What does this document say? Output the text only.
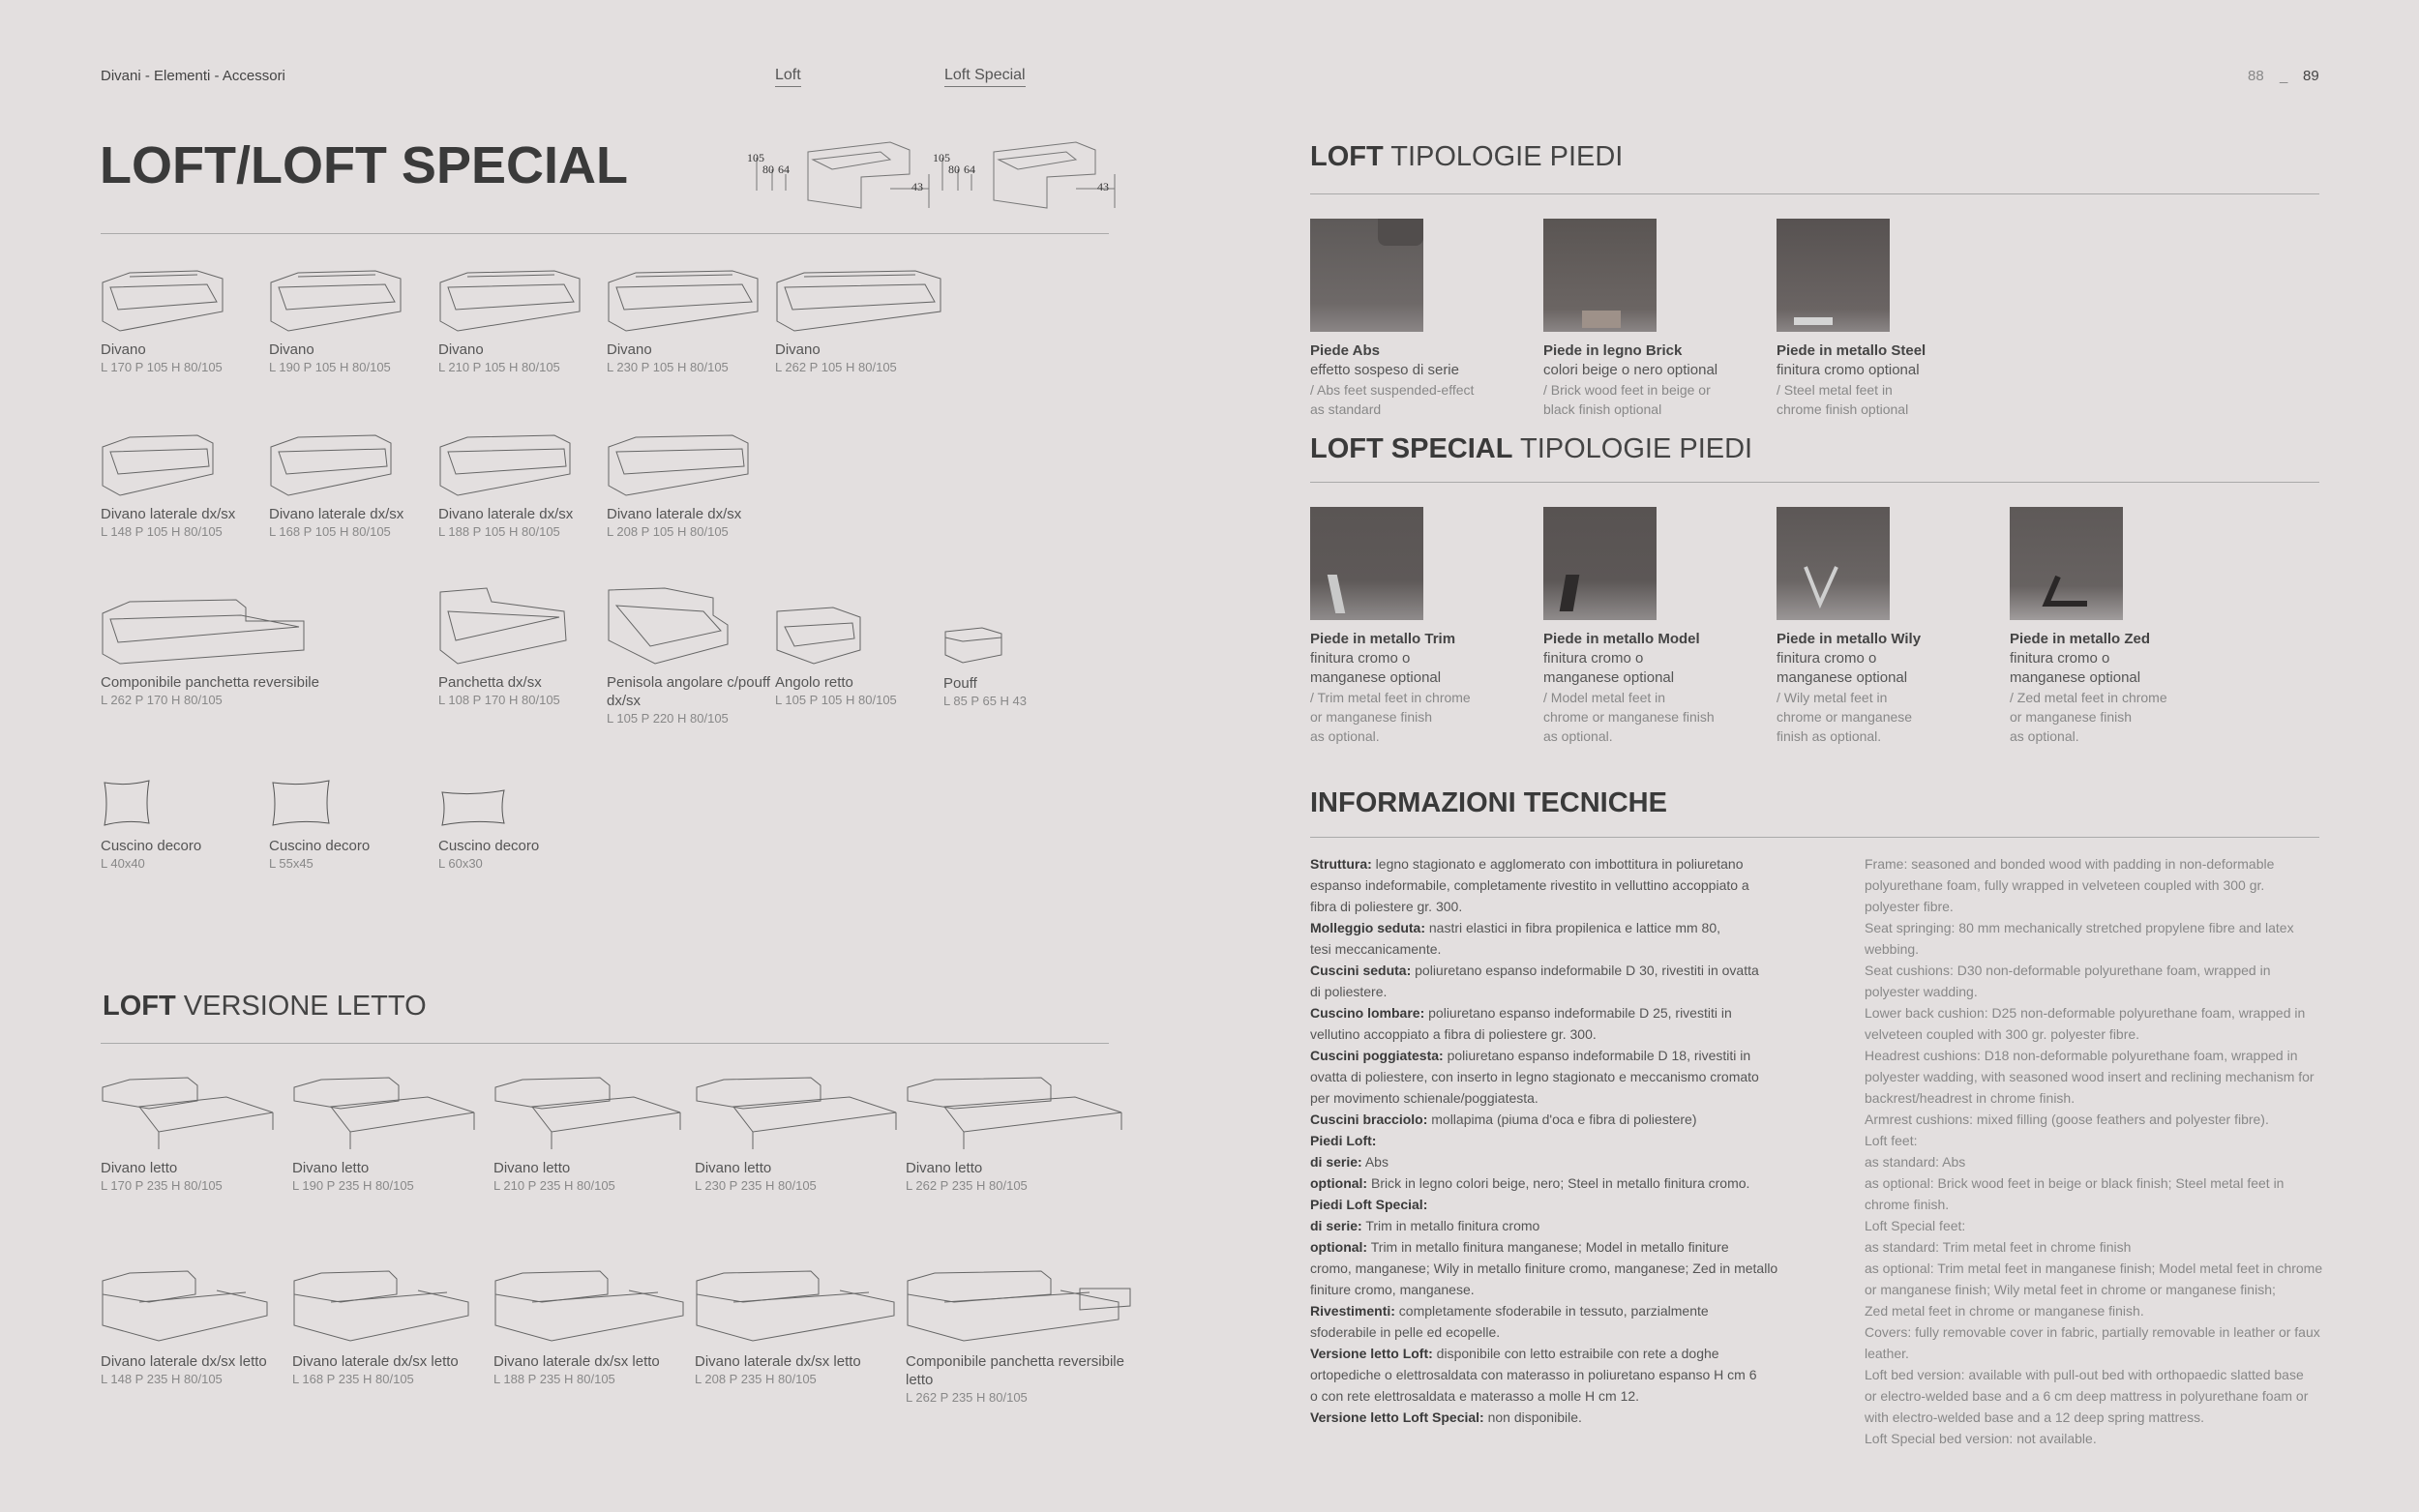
Divani - Elementi - Accessori	Loft	Loft Special	88 _ 89
LOFT/LOFT SPECIAL	105
80 64
43
105
80 64
43
Divano
L 170 P 105 H 80/105
Divano
L 190 P 105 H 80/105
Divano
L 210 P 105 H 80/105
Divano
L 230 P 105 H 80/105
Divano
L 262 P 105 H 80/105
Divano laterale dx/sx
L 148 P 105 H 80/105
Divano laterale dx/sx
L 168 P 105 H 80/105
Divano laterale dx/sx
L 188 P 105 H 80/105
Divano laterale dx/sx
L 208 P 105 H 80/105
Componibile panchetta reversibile
L 262 P 170 H 80/105
Panchetta dx/sx
L 108 P 170 H 80/105
Penisola angolare c/pouff dx/sx
L 105 P 220 H 80/105
Angolo retto
L 105 P 105 H 80/105
Pouff
L 85 P 65 H 43
Cuscino decoro
L 40x40
Cuscino decoro
L 55x45
Cuscino decoro
L 60x30
LOFT VERSIONE LETTO
Divano letto
L 170 P 235 H 80/105
Divano letto
L 190 P 235 H 80/105
Divano letto
L 210 P 235 H 80/105
Divano letto
L 230 P 235 H 80/105
Divano letto
L 262 P 235 H 80/105
Divano laterale dx/sx letto
L 148 P 235 H 80/105
Divano laterale dx/sx letto
L 168 P 235 H 80/105
Divano laterale dx/sx letto
L 188 P 235 H 80/105
Divano laterale dx/sx letto
L 208 P 235 H 80/105
Componibile panchetta reversibile letto
L 262 P 235 H 80/105
LOFT TIPOLOGIE PIEDI
Piede Abs
effetto sospeso di serie
/ Abs feet suspended-effect
as standard
Piede in legno Brick
colori beige o nero optional
/ Brick wood feet in beige or
black finish optional
Piede in metallo Steel
finitura cromo optional
/ Steel metal feet in
chrome finish optional
LOFT SPECIAL TIPOLOGIE PIEDI
Piede in metallo Trim
finitura cromo o
manganese optional
/ Trim metal feet in chrome
or manganese finish
as optional.
Piede in metallo Model
finitura cromo o
manganese optional
/ Model metal feet in
chrome or manganese finish
as optional.
Piede in metallo Wily
finitura cromo o
manganese optional
/ Wily metal feet in
chrome or manganese
finish as optional.
Piede in metallo Zed
finitura cromo o
manganese optional
/ Zed metal feet in chrome
or manganese finish
as optional.
INFORMAZIONI TECNICHE
Struttura: legno stagionato e agglomerato con imbottitura in poliuretano
espanso indeformabile, completamente rivestito in velluttino accoppiato a
fibra di poliestere gr. 300.
Molleggio seduta: nastri elastici in fibra propilenica e lattice mm 80,
tesi meccanicamente.
Cuscini seduta: poliuretano espanso indeformabile D 30, rivestiti in ovatta
di poliestere.
Cuscino lombare: poliuretano espanso indeformabile D 25, rivestiti in
vellutino accoppiato a fibra di poliestere gr. 300.
Cuscini poggiatesta: poliuretano espanso indeformabile D 18, rivestiti in
ovatta di poliestere, con inserto in legno stagionato e meccanismo cromato
per movimento schienale/poggiatesta.
Cuscini bracciolo: mollapima (piuma d'oca e fibra di poliestere)
Piedi Loft:
di serie: Abs
optional: Brick in legno colori beige, nero; Steel in metallo finitura cromo.
Piedi Loft Special:
di serie: Trim in metallo finitura cromo
optional: Trim in metallo finitura manganese; Model in metallo finiture
cromo, manganese; Wily in metallo finiture cromo, manganese; Zed in metallo
finiture cromo, manganese.
Rivestimenti: completamente sfoderabile in tessuto, parzialmente
sfoderabile in pelle ed ecopelle.
Versione letto Loft: disponibile con letto estraibile con rete a doghe
ortopediche o elettrosaldata con materasso in poliuretano espanso H cm 6
o con rete elettrosaldata e materasso a molle H cm 12.
Versione letto Loft Special: non disponibile.
Frame: seasoned and bonded wood with padding in non-deformable
polyurethane foam, fully wrapped in velveteen coupled with 300 gr.
polyester fibre.
Seat springing: 80 mm mechanically stretched propylene fibre and latex
webbing.
Seat cushions: D30 non-deformable polyurethane foam, wrapped in
polyester wadding.
Lower back cushion: D25 non-deformable polyurethane foam, wrapped in
velveteen coupled with 300 gr. polyester fibre.
Headrest cushions: D18 non-deformable polyurethane foam, wrapped in
polyester wadding, with seasoned wood insert and reclining mechanism for
backrest/headrest in chrome finish.
Armrest cushions: mixed filling (goose feathers and polyester fibre).
Loft feet:
as standard: Abs
as optional: Brick wood feet in beige or black finish; Steel metal feet in chrome finish.
Loft Special feet:
as standard: Trim metal feet in chrome finish
as optional: Trim metal feet in manganese finish; Model metal feet in chrome
or manganese finish; Wily metal feet in chrome or manganese finish;
Zed metal feet in chrome or manganese finish.
Covers: fully removable cover in fabric, partially removable in leather or faux
leather.
Loft bed version: available with pull-out bed with orthopaedic slatted base
or electro-welded base and a 6 cm deep mattress in polyurethane foam or
with electro-welded base and a 12 deep spring mattress.
Loft Special bed version: not available.
